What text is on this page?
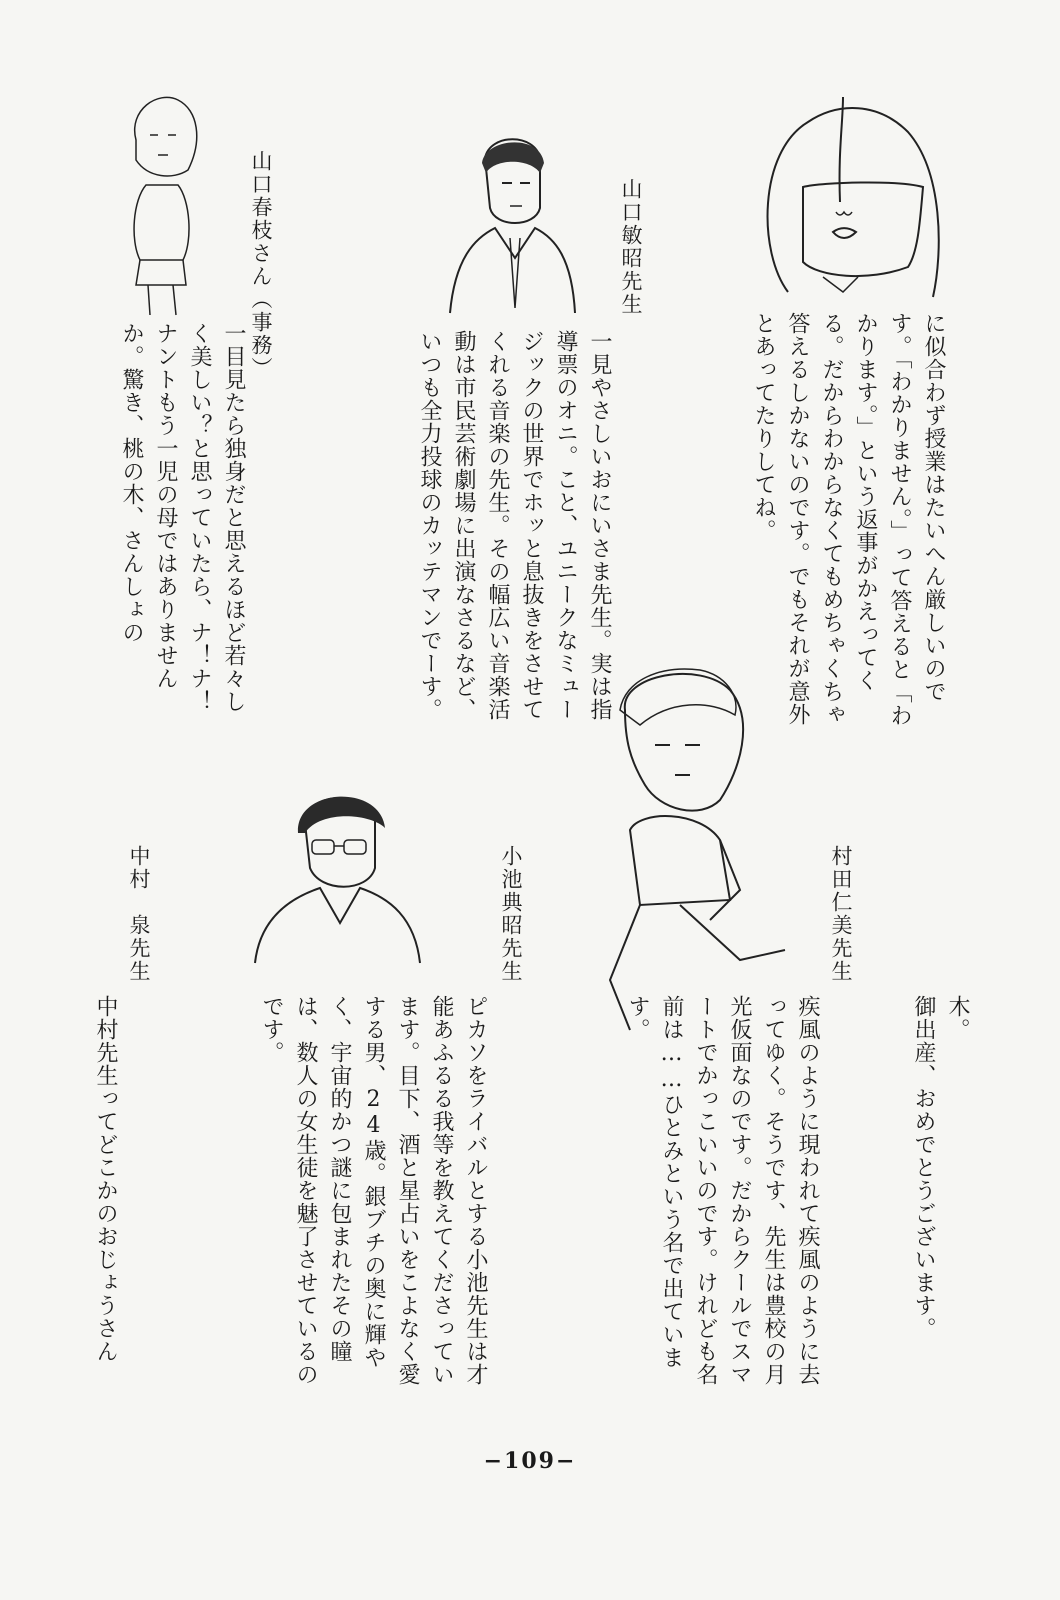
に似合わず授業はたいへん厳しいのです。「わかりません。」って答えると「わかります。」という返事がかえってくる。だからわからなくてもめちゃくちゃ答えるしかないのです。でもそれが意外とあってたりしてね。
山口敏昭先生
一見やさしいおにいさま先生。実は指導票のオニ。こと、ユニークなミュージックの世界でホッと息抜きをさせてくれる音楽の先生。その幅広い音楽活動は市民芸術劇場に出演なさるなど、いつも全力投球のカッテマンでーす。
山口春枝さん（事務）
一目見たら独身だと思えるほど若々しく美しい？と思っていたら、ナ！ナ！ナントもう一児の母ではありませんか。驚き、桃の木、さんしょの
木。
御出産、おめでとうございます。
村田仁美先生
疾風のように現われて疾風のように去ってゆく。そうです、先生は豊校の月光仮面なのです。だからクールでスマートでかっこいいのです。けれども名前は……ひとみという名で出ています。
小池典昭先生
ピカソをライバルとする小池先生は才能あふるる我等を教えてくださっています。目下、酒と星占いをこよなく愛する男、24歳。銀ブチの奥に輝やく、宇宙的かつ謎に包まれたその瞳は、数人の女生徒を魅了させているのです。
中村　泉先生
中村先生ってどこかのおじょうさん
−109−
